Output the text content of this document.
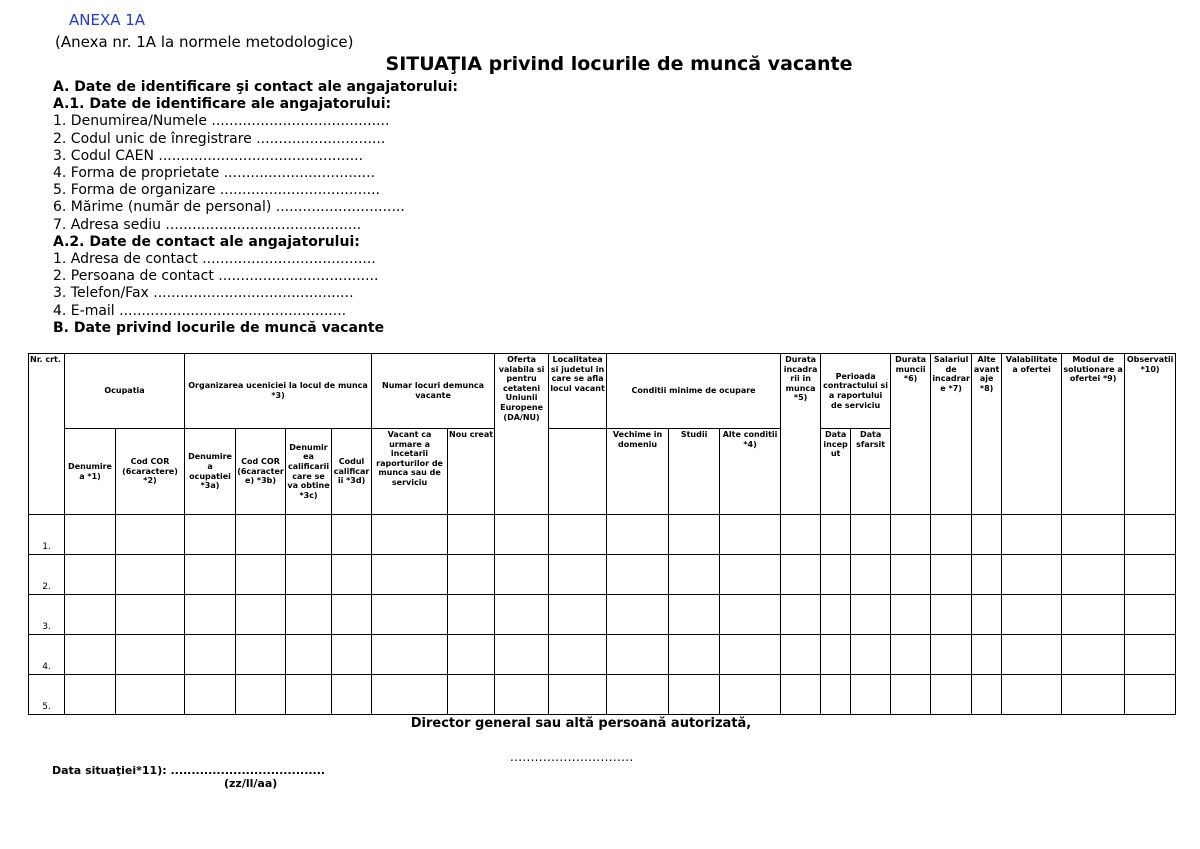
ANEXA 1A
(Anexa nr. 1A la normele metodologice)
SITUAŢIA privind locurile de muncă vacante
A. Date de identificare şi contact ale angajatorului:
A.1. Date de identificare ale angajatorului:
1. Denumirea/Numele ........................................
2. Codul unic de înregistrare .............................
3. Codul CAEN ..............................................
4. Forma de proprietate ..................................
5. Forma de organizare ....................................
6. Mărime (număr de personal) .............................
7. Adresa sediu ............................................
A.2. Date de contact ale angajatorului:
1. Adresa de contact .......................................
2. Persoana de contact ....................................
3. Telefon/Fax .............................................
4. E-mail ...................................................
B. Date privind locurile de muncă vacante
Nr. crt.	Ocupatia		Organizarea uceniciei la locul de munca *3)				Numar locuri demunca vacante		Oferta valabila si pentru cetateni Uniunii Europene (DA/NU)	Localitatea si judetul in care se afla locul vacant	Conditii minime de ocupare			Durata incadrarii in munca *5)	Perioada contractului si a raportului de serviciu		Durata muncii *6)	Salariul de incadrare *7)	Alte avantaje *8)	Valabilitatea ofertei	Modul de solutionare a ofertei *9)	Observatii *10)
	Denumirea *1)	Cod COR (6caractere) *2)	Denumirea ocupatiei *3a)	Cod COR (6caractere) *3b)	Denumirea calificarii care se va obtine *3c)	Codul calificarii *3d)	Vacant ca urmare a incetarii raporturilor de munca sau de serviciu	Nou creat			Vechime in domeniu	Studii	Alte conditii *4)		Data inceput	Data sfarsit						
1.																						
2.																						
3.																						
4.																						
5.																						
Director general sau altă persoană autorizată,
..............................
Data situaţiei*11): .....................................
(zz/ll/aa)
